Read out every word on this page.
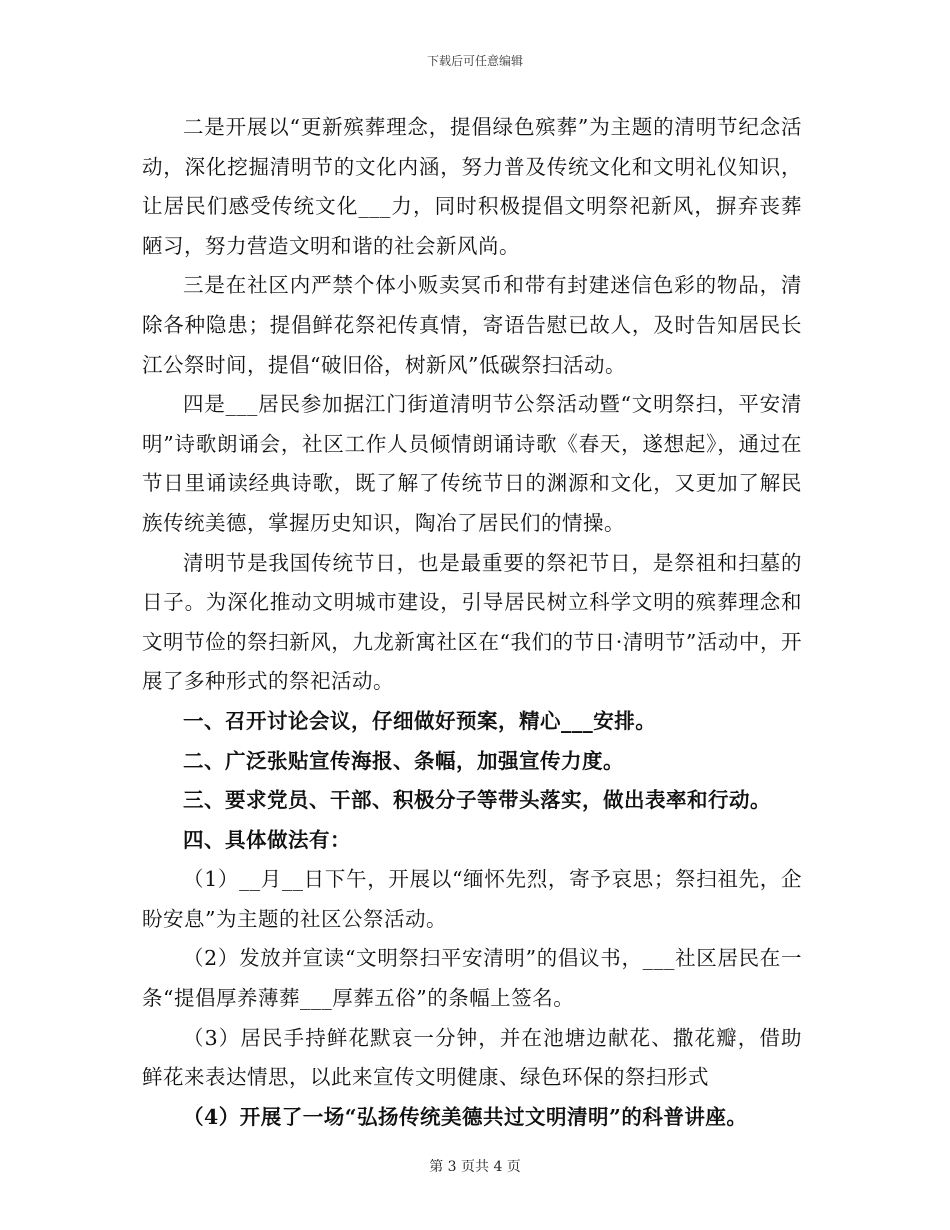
下载后可任意编辑

二是开展以“更新殡葬理念，提倡绿色殡葬”为主题的清明节纪念活动，深化挖掘清明节的文化内涵，努力普及传统文化和文明礼仪知识，让居民们感受传统文化___力，同时积极提倡文明祭祀新风，摒弃丧葬陋习，努力营造文明和谐的社会新风尚。

三是在社区内严禁个体小贩卖冥币和带有封建迷信色彩的物品，清除各种隐患；提倡鲜花祭祀传真情，寄语告慰已故人，及时告知居民长江公祭时间，提倡“破旧俗，树新风”低碳祭扫活动。

四是___居民参加据江门街道清明节公祭活动暨“文明祭扫，平安清明”诗歌朗诵会，社区工作人员倾情朗诵诗歌《春天，遂想起》，通过在节日里诵读经典诗歌，既了解了传统节日的渊源和文化，又更加了解民族传统美德，掌握历史知识，陶冶了居民们的情操。

清明节是我国传统节日，也是最重要的祭祀节日，是祭祖和扫墓的日子。为深化推动文明城市建设，引导居民树立科学文明的殡葬理念和文明节俭的祭扫新风，九龙新寓社区在“我们的节日·清明节”活动中，开展了多种形式的祭祀活动。

一、召开讨论会议，仔细做好预案，精心___安排。

二、广泛张贴宣传海报、条幅，加强宣传力度。

三、要求党员、干部、积极分子等带头落实，做出表率和行动。

四、具体做法有：

（1）__月__日下午，开展以“缅怀先烈，寄予哀思；祭扫祖先，企盼安息”为主题的社区公祭活动。

（2）发放并宣读“文明祭扫平安清明”的倡议书，___社区居民在一条“提倡厚养薄葬___厚葬五俗”的条幅上签名。

（3）居民手持鲜花默哀一分钟，并在池塘边献花、撒花瓣，借助鲜花来表达情思，以此来宣传文明健康、绿色环保的祭扫形式

（4）开展了一场“弘扬传统美德共过文明清明”的科普讲座。

第 3 页共 4 页
